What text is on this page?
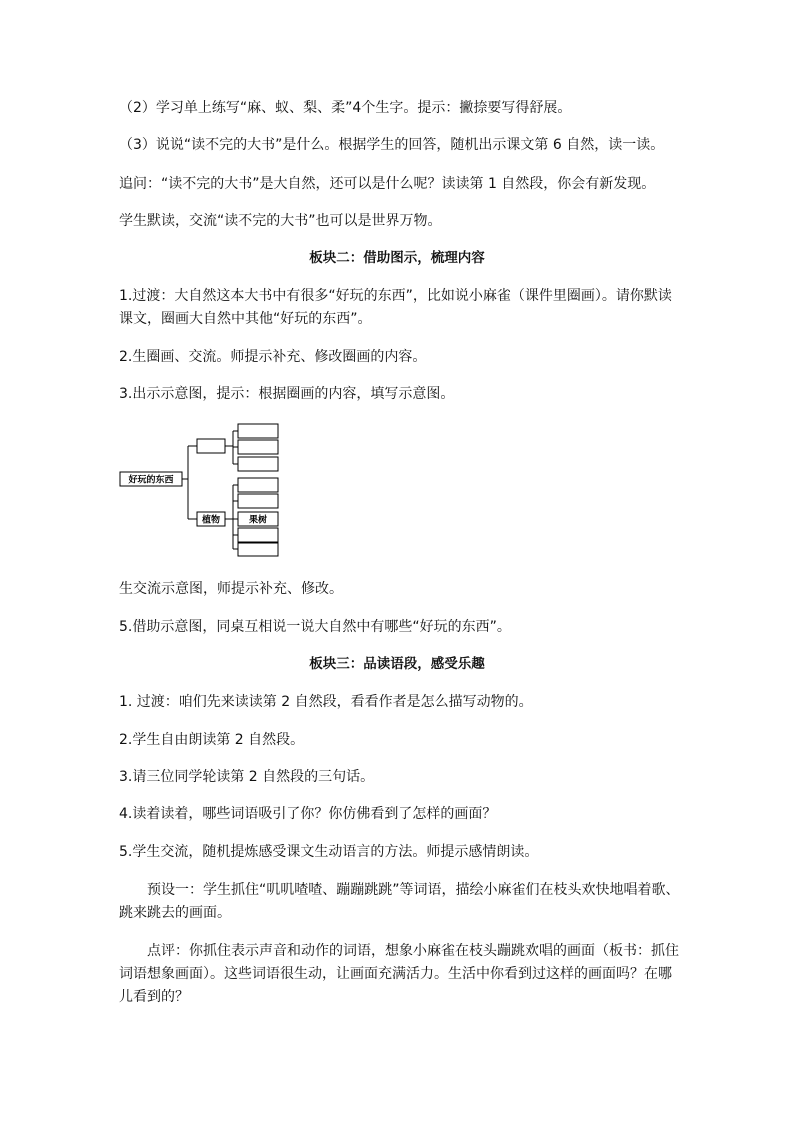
（2）学习单上练写“麻、蚁、梨、柔”4个生字。提示：撇捺要写得舒展。

（3）说说“读不完的大书”是什么。根据学生的回答，随机出示课文第 6 自然，读一读。

追问：“读不完的大书”是大自然，还可以是什么呢？读读第 1 自然段，你会有新发现。

学生默读，交流“读不完的大书”也可以是世界万物。

板块二：借助图示，梳理内容

1.过渡：大自然这本大书中有很多“好玩的东西”，比如说小麻雀（课件里圈画）。请你默读

课文，圈画大自然中其他“好玩的东西”。

2.生圈画、交流。师提示补充、修改圈画的内容。

3.出示示意图，提示：根据圈画的内容，填写示意图。

好玩的东西
植物	果树

生交流示意图，师提示补充、修改。

5.借助示意图，同桌互相说一说大自然中有哪些“好玩的东西”。

板块三：品读语段，感受乐趣

1. 过渡：咱们先来读读第 2 自然段，看看作者是怎么描写动物的。

2.学生自由朗读第 2 自然段。

3.请三位同学轮读第 2 自然段的三句话。

4.读着读着，哪些词语吸引了你？你仿佛看到了怎样的画面？

5.学生交流，随机提炼感受课文生动语言的方法。师提示感情朗读。

预设一：学生抓住“叽叽喳喳、蹦蹦跳跳”等词语，描绘小麻雀们在枝头欢快地唱着歌、

跳来跳去的画面。

点评：你抓住表示声音和动作的词语，想象小麻雀在枝头蹦跳欢唱的画面（板书：抓住

词语想象画面）。这些词语很生动，让画面充满活力。生活中你看到过这样的画面吗？在哪

儿看到的？
